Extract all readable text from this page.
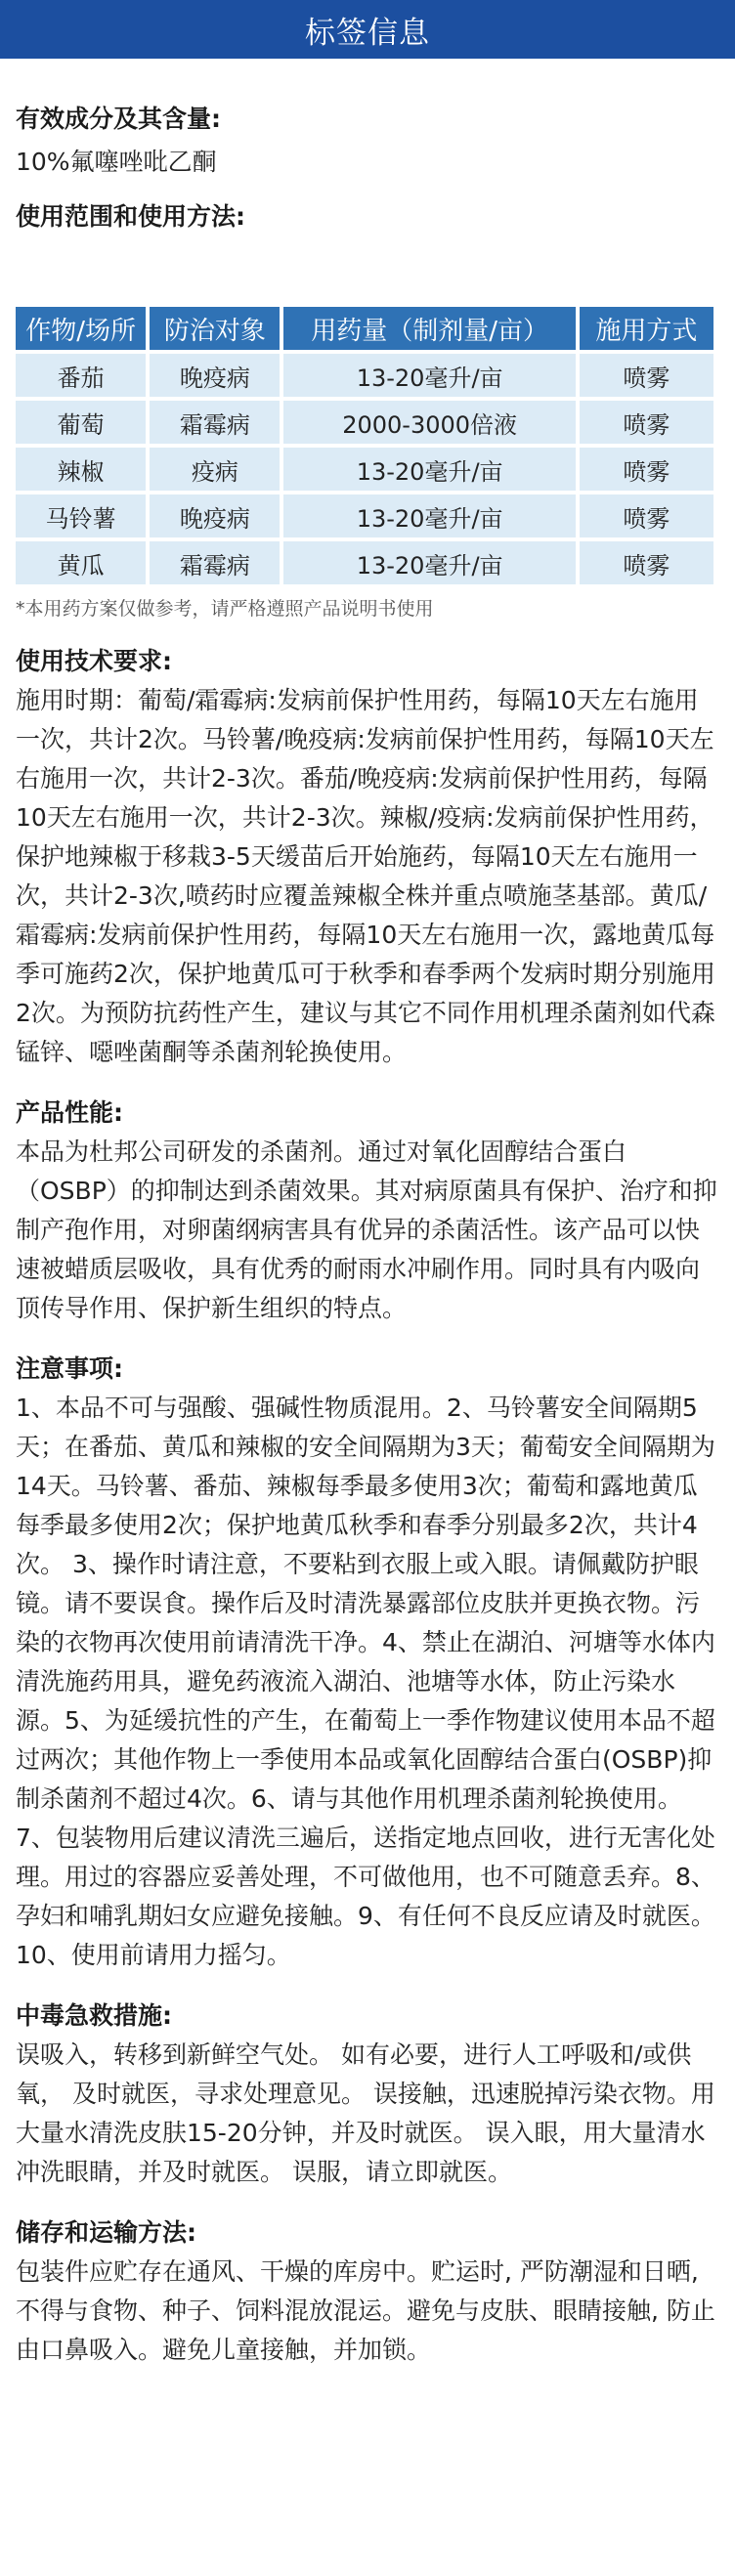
标签信息

有效成分及其含量:

10%氟噻唑吡乙酮

使用范围和使用方法:

作物/场所	防治对象	用药量（制剂量/亩）	施用方式
番茄	晚疫病	13-20毫升/亩	喷雾
葡萄	霜霉病	2000-3000倍液	喷雾
辣椒	疫病	13-20毫升/亩	喷雾
马铃薯	晚疫病	13-20毫升/亩	喷雾
黄瓜	霜霉病	13-20毫升/亩	喷雾

*本用药方案仅做参考，请严格遵照产品说明书使用

使用技术要求:

施用时期：葡萄/霜霉病:发病前保护性用药，每隔10天左右施用一次，共计2次。马铃薯/晚疫病:发病前保护性用药，每隔10天左右施用一次，共计2-3次。番茄/晚疫病:发病前保护性用药，每隔10天左右施用一次，共计2-3次。辣椒/疫病:发病前保护性用药，保护地辣椒于移栽3-5天缓苗后开始施药，每隔10天左右施用一次，共计2-3次,喷药时应覆盖辣椒全株并重点喷施茎基部。黄瓜/霜霉病:发病前保护性用药，每隔10天左右施用一次，露地黄瓜每季可施药2次，保护地黄瓜可于秋季和春季两个发病时期分别施用2次。为预防抗药性产生，建议与其它不同作用机理杀菌剂如代森锰锌、噁唑菌酮等杀菌剂轮换使用。

产品性能:

本品为杜邦公司研发的杀菌剂。通过对氧化固醇结合蛋白（OSBP）的抑制达到杀菌效果。其对病原菌具有保护、治疗和抑制产孢作用，对卵菌纲病害具有优异的杀菌活性。该产品可以快速被蜡质层吸收，具有优秀的耐雨水冲刷作用。同时具有内吸向顶传导作用、保护新生组织的特点。

注意事项:

1、本品不可与强酸、强碱性物质混用。2、马铃薯安全间隔期5天；在番茄、黄瓜和辣椒的安全间隔期为3天；葡萄安全间隔期为14天。马铃薯、番茄、辣椒每季最多使用3次；葡萄和露地黄瓜每季最多使用2次；保护地黄瓜秋季和春季分别最多2次，共计4次。 3、操作时请注意，不要粘到衣服上或入眼。请佩戴防护眼镜。请不要误食。操作后及时清洗暴露部位皮肤并更换衣物。污染的衣物再次使用前请清洗干净。4、禁止在湖泊、河塘等水体内清洗施药用具，避免药液流入湖泊、池塘等水体，防止污染水源。5、为延缓抗性的产生，在葡萄上一季作物建议使用本品不超过两次；其他作物上一季使用本品或氧化固醇结合蛋白(OSBP)抑制杀菌剂不超过4次。6、请与其他作用机理杀菌剂轮换使用。7、包装物用后建议清洗三遍后，送指定地点回收，进行无害化处理。用过的容器应妥善处理，不可做他用，也不可随意丢弃。8、孕妇和哺乳期妇女应避免接触。9、有任何不良反应请及时就医。10、使用前请用力摇匀。

中毒急救措施:

误吸入，转移到新鲜空气处。 如有必要，进行人工呼吸和/或供氧， 及时就医，寻求处理意见。 误接触，迅速脱掉污染衣物。用大量水清洗皮肤15-20分钟，并及时就医。 误入眼，用大量清水冲洗眼睛，并及时就医。 误服，请立即就医。

储存和运输方法:

包装件应贮存在通风、干燥的库房中。贮运时, 严防潮湿和日晒, 不得与食物、种子、饲料混放混运。避免与皮肤、眼睛接触, 防止由口鼻吸入。避免儿童接触，并加锁。
